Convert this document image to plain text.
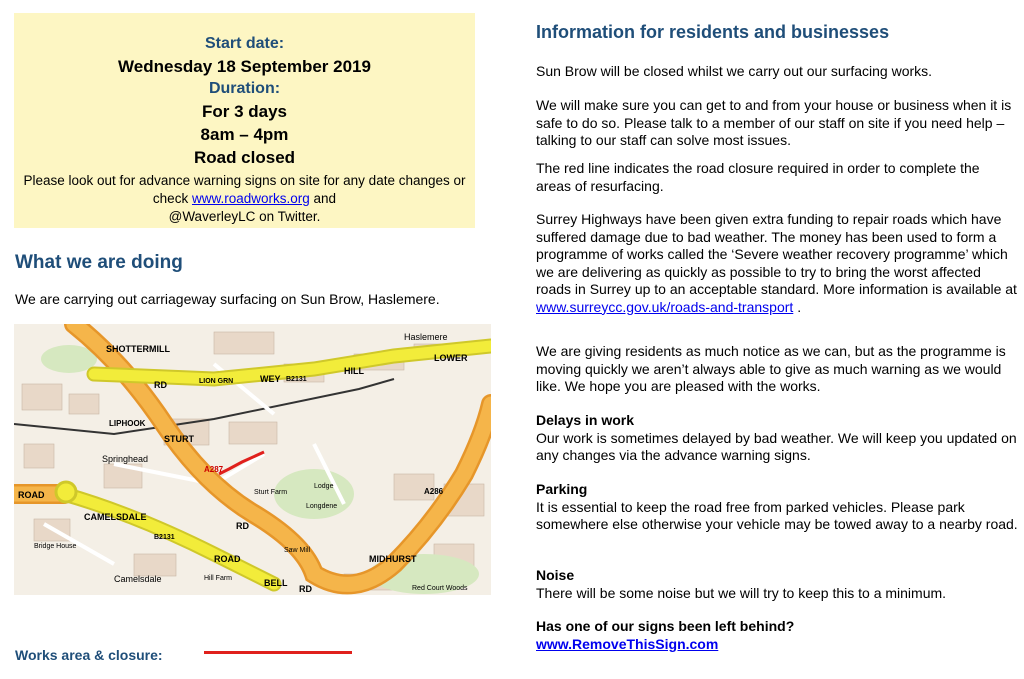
Start date:
Wednesday 18 September 2019
Duration:
For 3 days
8am – 4pm
Road closed
Please look out for advance warning signs on site for any date changes or check www.roadworks.org and
@WaverleyLC on Twitter.
What we are doing
We are carrying out carriageway surfacing on Sun Brow, Haslemere.
SHOTTERMILL
Haslemere
LOWER
HILL
WEY B2131
LION GRN
RD
ROAD
LIPHOOK
Springhead
STURT
A287
CAMELSDALE
B2131
ROAD
RD
BELL
RD
MIDHURST
A286
Camelsdale
Lodge
Longdene
Sturt Farm
Hill Farm
Red Court Woods
Saw Mill
Bridge House
Works area & closure:
Information for residents and businesses
Sun Brow will be closed whilst we carry out our surfacing works.
We will make sure you can get to and from your house or business when it is safe to do so. Please talk to a member of our staff on site if you need help – talking to our staff can solve most issues.
The red line indicates the road closure required in order to complete the areas of resurfacing.
Surrey Highways have been given extra funding to repair roads which have suffered damage due to bad weather. The money has been used to form a programme of works called the ‘Severe weather recovery programme’ which we are delivering as quickly as possible to try to bring the worst affected roads in Surrey up to an acceptable standard. More information is available at www.surreycc.gov.uk/roads-and-transport .
We are giving residents as much notice as we can, but as the programme is moving quickly we aren’t always able to give as much warning as we would like. We hope you are pleased with the works.
Delays in work
Our work is sometimes delayed by bad weather. We will keep you updated on any changes via the advance warning signs.
Parking
It is essential to keep the road free from parked vehicles. Please park somewhere else otherwise your vehicle may be towed away to a nearby road.
Noise
There will be some noise but we will try to keep this to a minimum.
Has one of our signs been left behind?
www.RemoveThisSign.com
